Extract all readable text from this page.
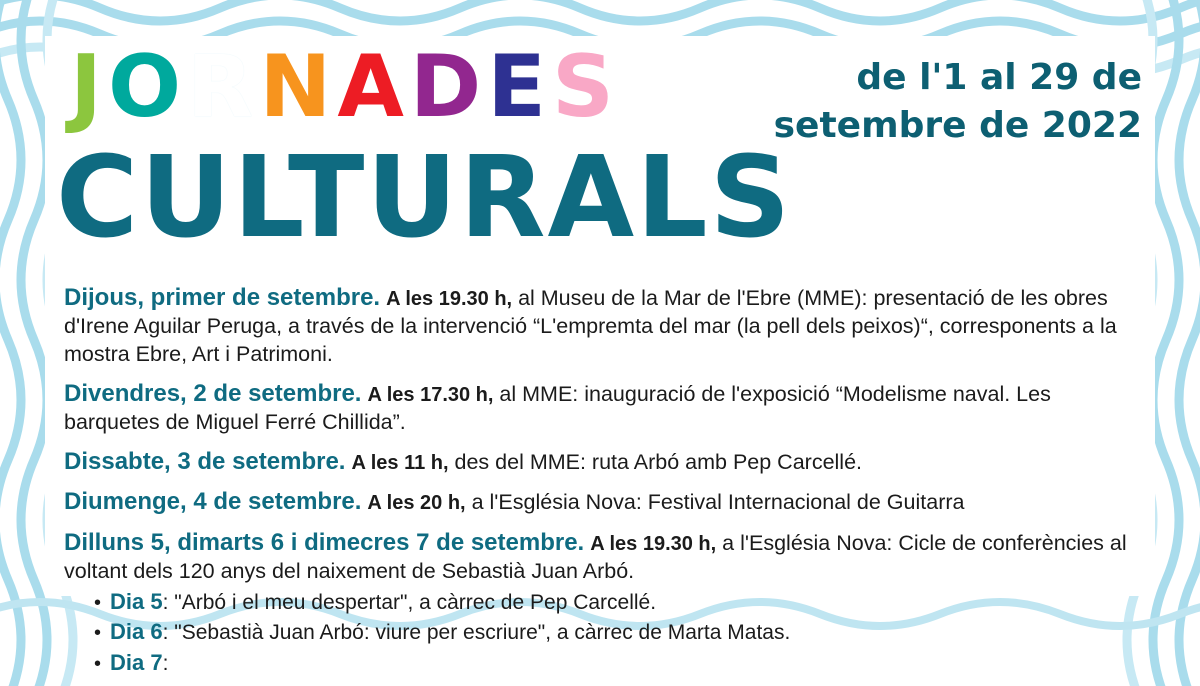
JORNADES	de l'1 al 29 de
setembre de 2022
CULTURALS
Dijous, primer de setembre. A les 19.30 h, al Museu de la Mar de l'Ebre (MME): presentació de les obres d'Irene Aguilar Peruga, a través de la intervenció “L'empremta del mar (la pell dels peixos)“, corresponents a la mostra Ebre, Art i Patrimoni.
Divendres, 2 de setembre. A les 17.30 h, al MME: inauguració de l'exposició “Modelisme naval. Les barquetes de Miguel Ferré Chillida”.
Dissabte, 3 de setembre. A les 11 h, des del MME: ruta Arbó amb Pep Carcellé.
Diumenge, 4 de setembre. A les 20 h, a l'Església Nova: Festival Internacional de Guitarra
Dilluns 5, dimarts 6 i dimecres 7 de setembre. A les 19.30 h, a l'Església Nova: Cicle de conferències al voltant dels 120 anys del naixement de Sebastià Juan Arbó.
• Dia 5: "Arbó i el meu despertar", a càrrec de Pep Carcellé.
• Dia 6: "Sebastià Juan Arbó: viure per escriure", a càrrec de Marta Matas.
• Dia 7:
